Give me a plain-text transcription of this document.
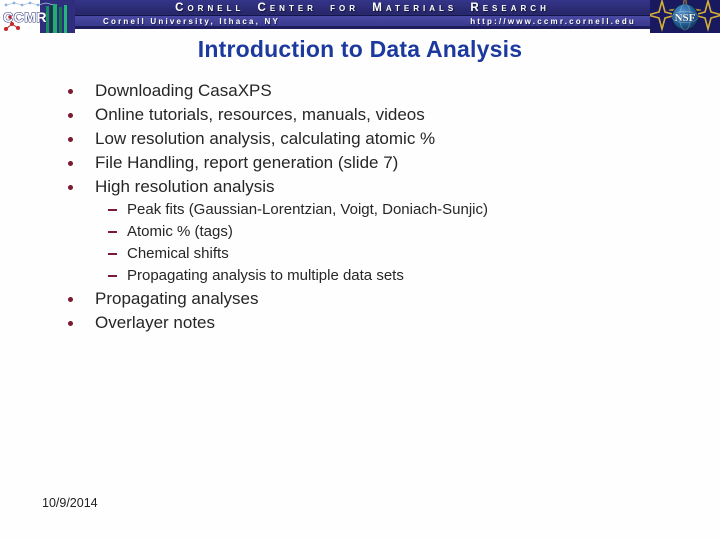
CCMR
Cornell Center for Materials Research
Cornell University, Ithaca, NY	http://www.ccmr.cornell.edu	NSF
Introduction to Data Analysis
Downloading CasaXPS
Online tutorials, resources, manuals, videos
Low resolution analysis, calculating atomic %
File Handling, report generation (slide 7)
High resolution analysis
Peak fits (Gaussian-Lorentzian, Voigt, Doniach-Sunjic)
Atomic % (tags)
Chemical shifts
Propagating analysis to multiple data sets
Propagating analyses
Overlayer notes
10/9/2014
